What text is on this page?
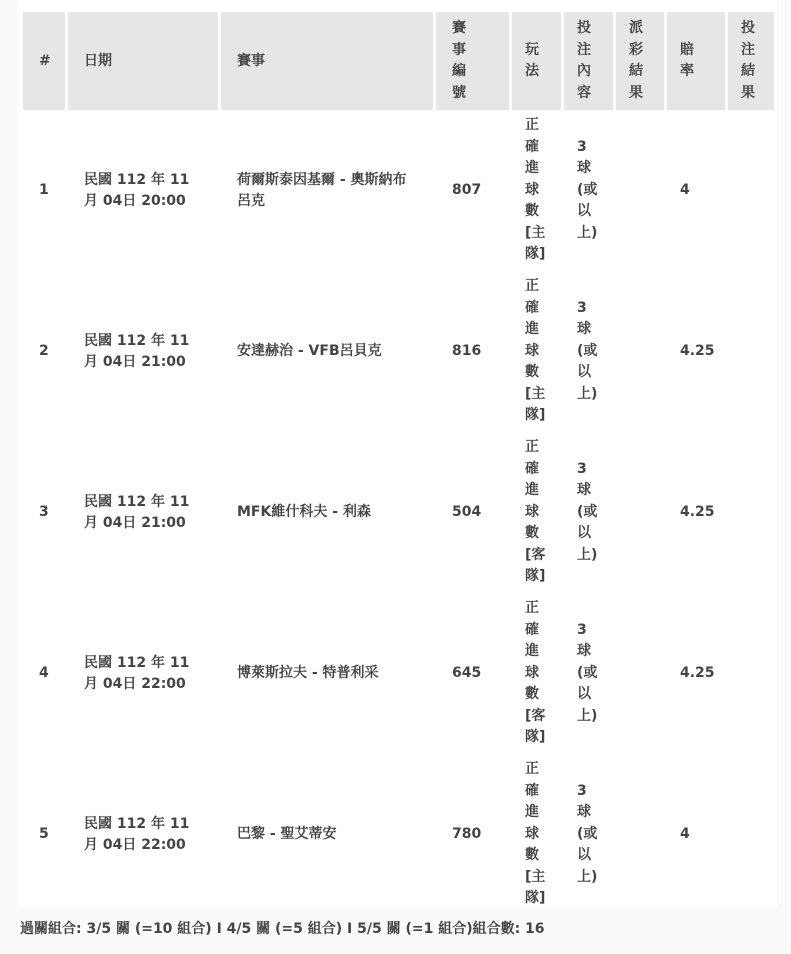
#	日期	賽事	賽事編號	玩法	投注內容	派彩結果	賠率	投注結果

1	民國 112 年 11月 04日 20:00	荷爾斯泰因基爾 - 奧斯納布呂克	807	正確進球數[主隊]	3球(或以上)		4	
2	民國 112 年 11月 04日 21:00	安達赫治 - VFB呂貝克	816	正確進球數[主隊]	3球(或以上)		4.25	
3	民國 112 年 11月 04日 21:00	MFK維什科夫 - 利森	504	正確進球數[客隊]	3球(或以上)		4.25	
4	民國 112 年 11月 04日 22:00	博萊斯拉夫 - 特普利采	645	正確進球數[客隊]	3球(或以上)		4.25	
5	民國 112 年 11月 04日 22:00	巴黎 - 聖艾蒂安	780	正確進球數[主隊]	3球(或以上)		4	
過關組合: 3/5 關 (=10 組合) I 4/5 關 (=5 組合) I 5/5 關 (=1 組合)組合數: 16
